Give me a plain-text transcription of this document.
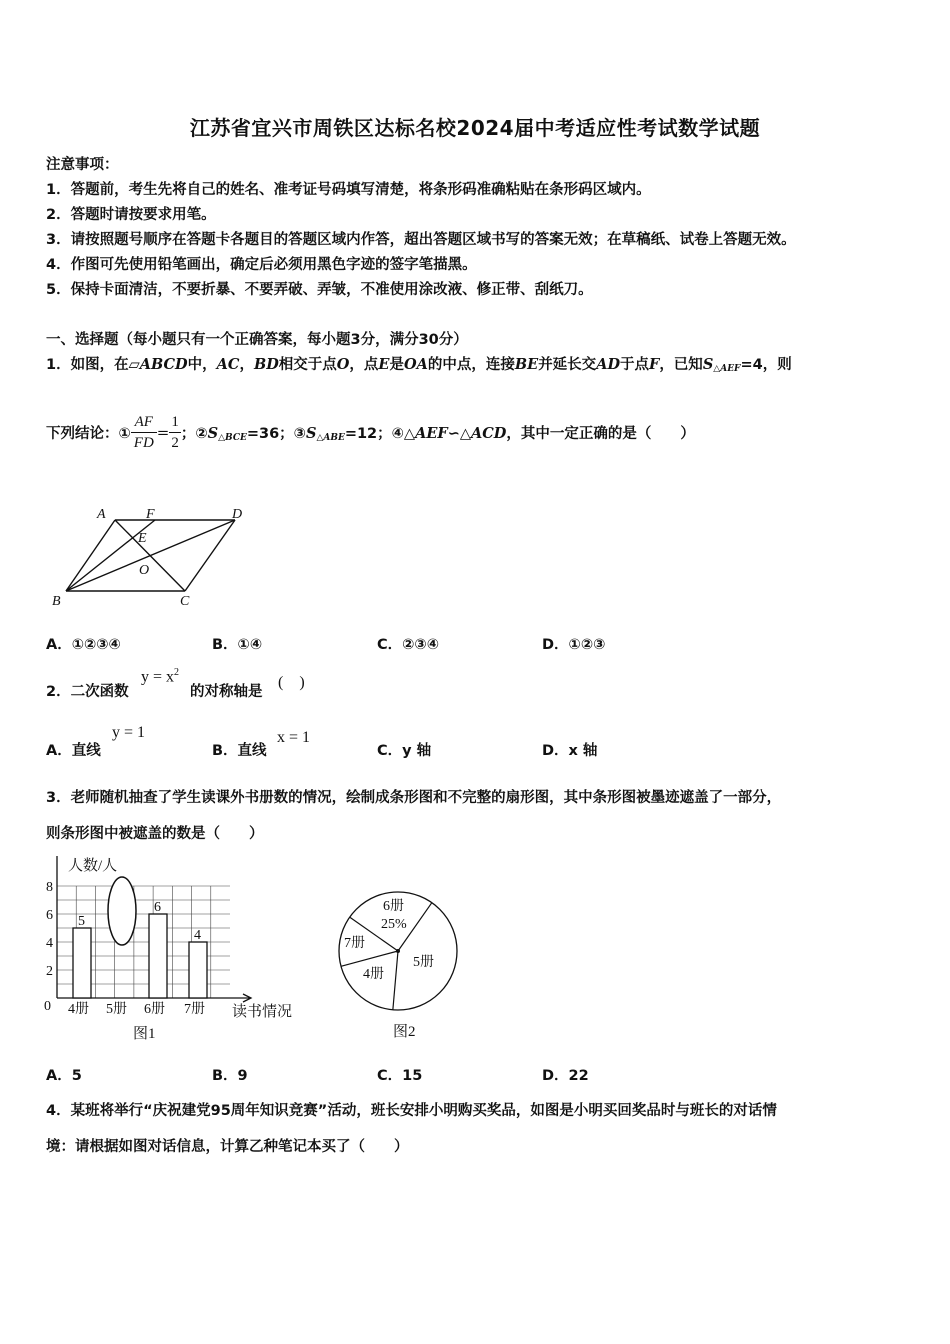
江苏省宜兴市周铁区达标名校2024届中考适应性考试数学试题
注意事项：
1．答题前，考生先将自己的姓名、准考证号码填写清楚，将条形码准确粘贴在条形码区域内。
2．答题时请按要求用笔。
3．请按照题号顺序在答题卡各题目的答题区域内作答，超出答题区域书写的答案无效；在草稿纸、试卷上答题无效。
4．作图可先使用铅笔画出，确定后必须用黑色字迹的签字笔描黑。
5．保持卡面清洁，不要折暴、不要弄破、弄皱，不准使用涂改液、修正带、刮纸刀。
一、选择题（每小题只有一个正确答案，每小题3分，满分30分）
1．如图，在▱ABCD中，AC，BD相交于点O，点E是OA的中点，连接BE并延长交AD于点F，已知$S_{\triangle AEF}=4$，则
下列结论：① $\frac{AF}{FD} = \frac{1}{2}$ ；$②S_{\triangle BCE}=36$；$③S_{\triangle ABE}=12$；④△AEF∽△ACD，其中一定正确的是（　　）
A	F	D
E
O
B	C
A．①②③④	B．①④	C．②③④	D．①②③
2．二次函数
$y = x^2$
的对称轴是
(　)
A．直线
y = 1
B．直线
x = 1
C．y 轴	D．x 轴
3．老师随机抽查了学生读课外书册数的情况，绘制成条形图和不完整的扇形图，其中条形图被墨迹遮盖了一部分，
则条形图中被遮盖的数是（　　）
0
2
4
6
8
5
6
4
4册 5册 6册 7册
人数/人
读书情况
图1
6册
25%
7册
4册
5册
图2
A．5	B．9	C．15	D．22
4．某班将举行“庆祝建党95周年知识竞赛”活动，班长安排小明购买奖品，如图是小明买回奖品时与班长的对话情
境：请根据如图对话信息，计算乙种笔记本买了（　　）
